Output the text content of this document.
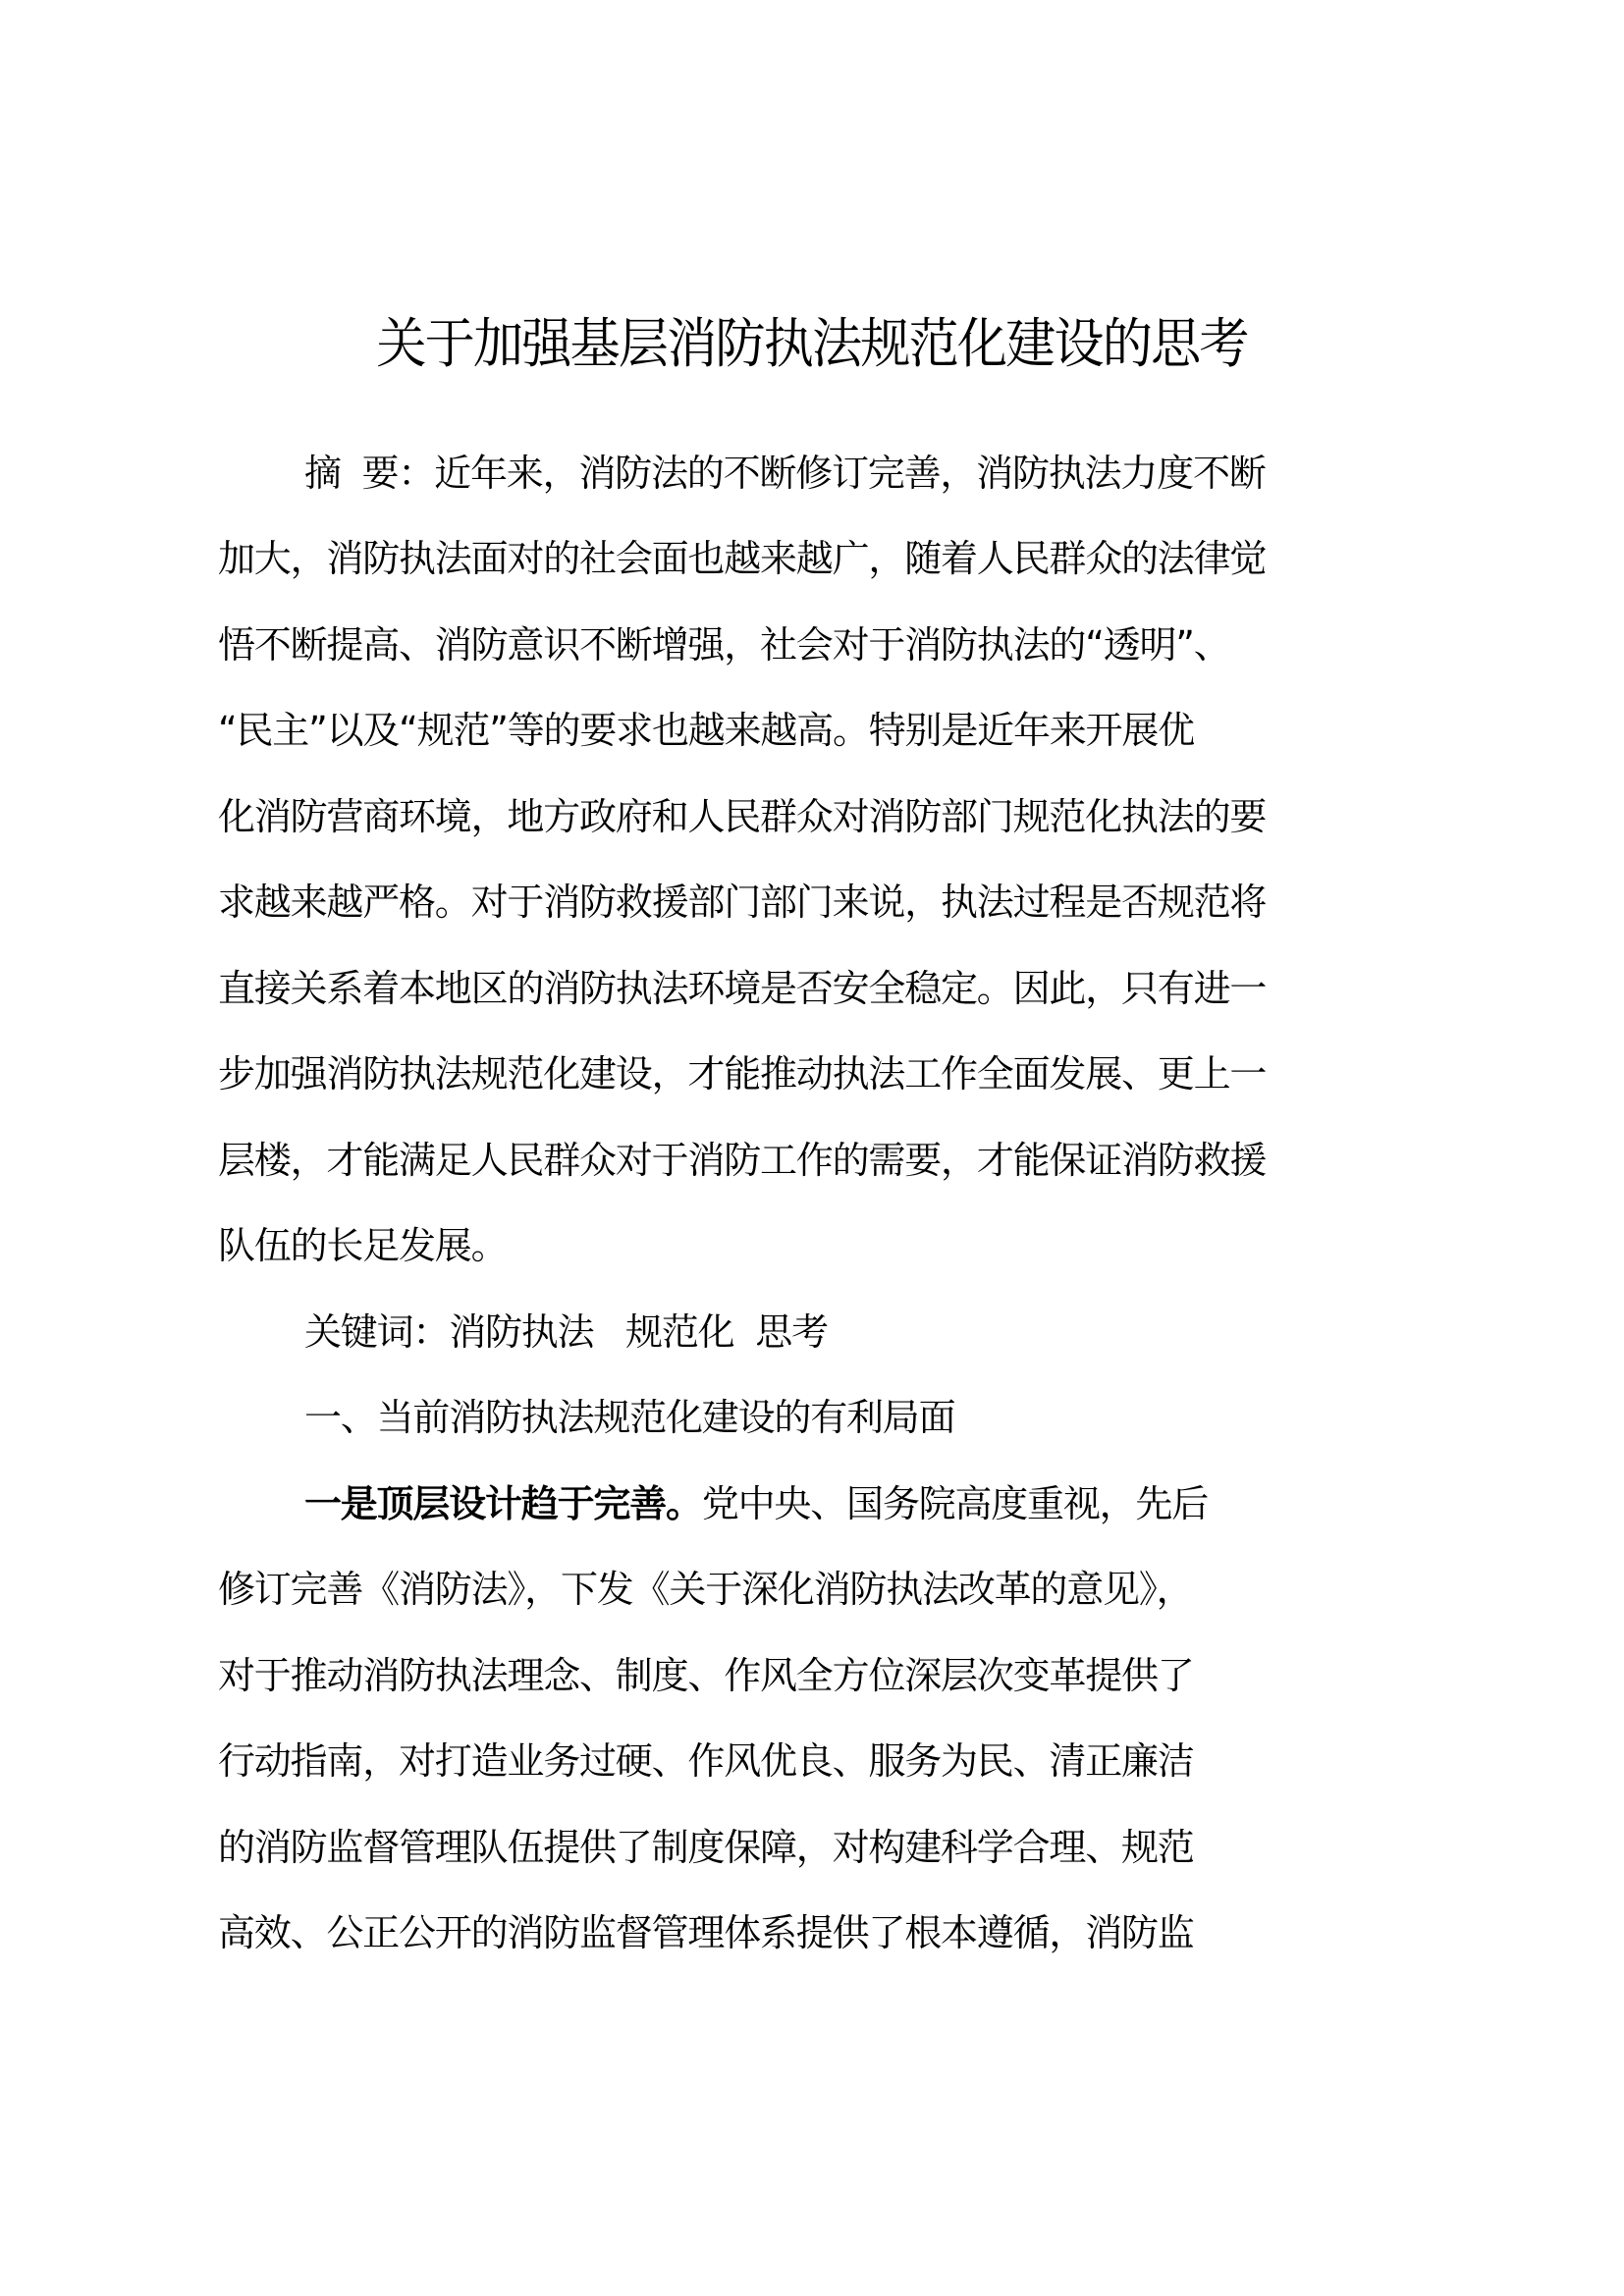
关于加强基层消防执法规范化建设的思考
摘  要：近年来，消防法的不断修订完善，消防执法力度不断
加大，消防执法面对的社会面也越来越广，随着人民群众的法律觉
悟不断提高、消防意识不断增强，社会对于消防执法的“透明”、
“民主”以及“规范”等的要求也越来越高。特别是近年来开展优
化消防营商环境，地方政府和人民群众对消防部门规范化执法的要
求越来越严格。对于消防救援部门部门来说，执法过程是否规范将
直接关系着本地区的消防执法环境是否安全稳定。因此，只有进一
步加强消防执法规范化建设，才能推动执法工作全面发展、更上一
层楼，才能满足人民群众对于消防工作的需要，才能保证消防救援
队伍的长足发展。
关键词：消防执法   规范化  思考
一、当前消防执法规范化建设的有利局面
一是顶层设计趋于完善。党中央、国务院高度重视，先后
修订完善《消防法》，下发《关于深化消防执法改革的意见》，
对于推动消防执法理念、制度、作风全方位深层次变革提供了
行动指南，对打造业务过硬、作风优良、服务为民、清正廉洁
的消防监督管理队伍提供了制度保障，对构建科学合理、规范
高效、公正公开的消防监督管理体系提供了根本遵循，消防监
